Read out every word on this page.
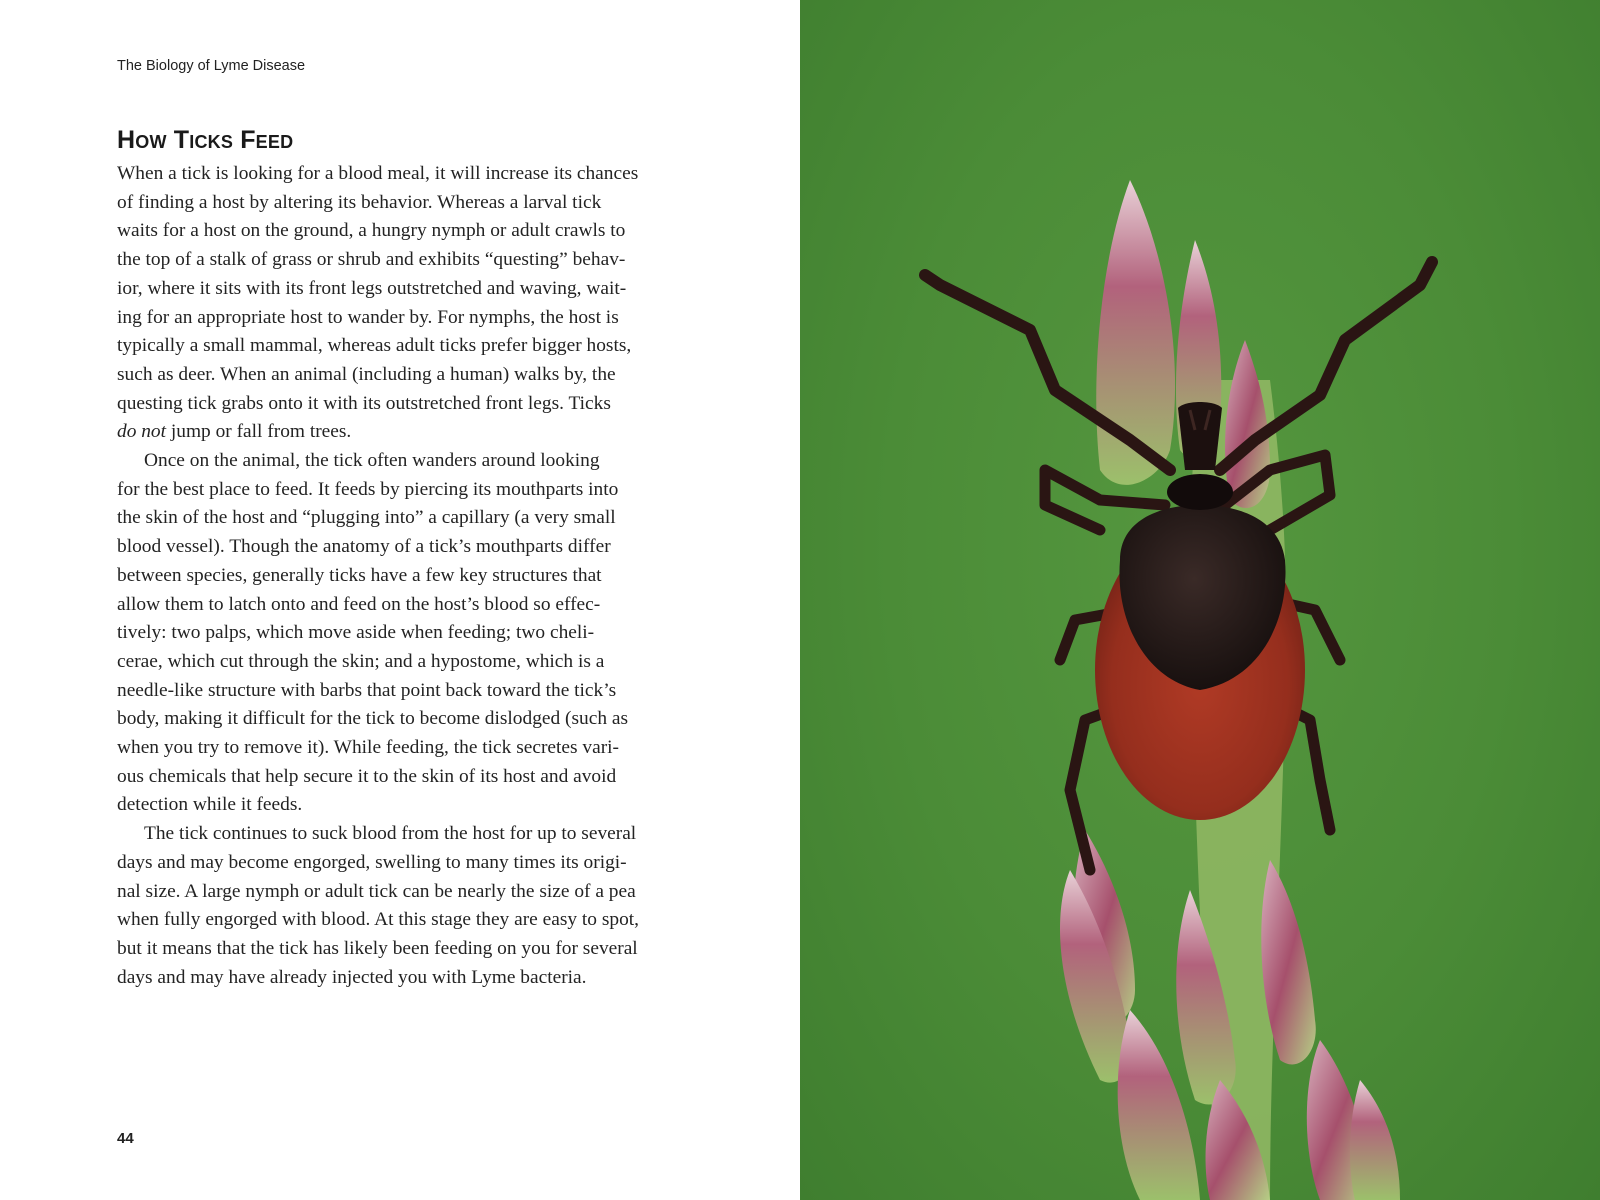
The Biology of Lyme Disease
How Ticks Feed

When a tick is looking for a blood meal, it will increase its chances
of finding a host by altering its behavior. Whereas a larval tick
waits for a host on the ground, a hungry nymph or adult crawls to
the top of a stalk of grass or shrub and exhibits “questing” behav-
ior, where it sits with its front legs outstretched and waving, wait-
ing for an appropriate host to wander by. For nymphs, the host is
typically a small mammal, whereas adult ticks prefer bigger hosts,
such as deer. When an animal (including a human) walks by, the
questing tick grabs onto it with its outstretched front legs. Ticks
do not jump or fall from trees.

Once on the animal, the tick often wanders around looking
for the best place to feed. It feeds by piercing its mouthparts into
the skin of the host and “plugging into” a capillary (a very small
blood vessel). Though the anatomy of a tick’s mouthparts differ
between species, generally ticks have a few key structures that
allow them to latch onto and feed on the host’s blood so effec-
tively: two palps, which move aside when feeding; two cheli-
cerae, which cut through the skin; and a hypostome, which is a
needle-like structure with barbs that point back toward the tick’s
body, making it difficult for the tick to become dislodged (such as
when you try to remove it). While feeding, the tick secretes vari-
ous chemicals that help secure it to the skin of its host and avoid
detection while it feeds.

The tick continues to suck blood from the host for up to several
days and may become engorged, swelling to many times its origi-
nal size. A large nymph or adult tick can be nearly the size of a pea
when fully engorged with blood. At this stage they are easy to spot,
but it means that the tick has likely been feeding on you for several
days and may have already injected you with Lyme bacteria.

44
